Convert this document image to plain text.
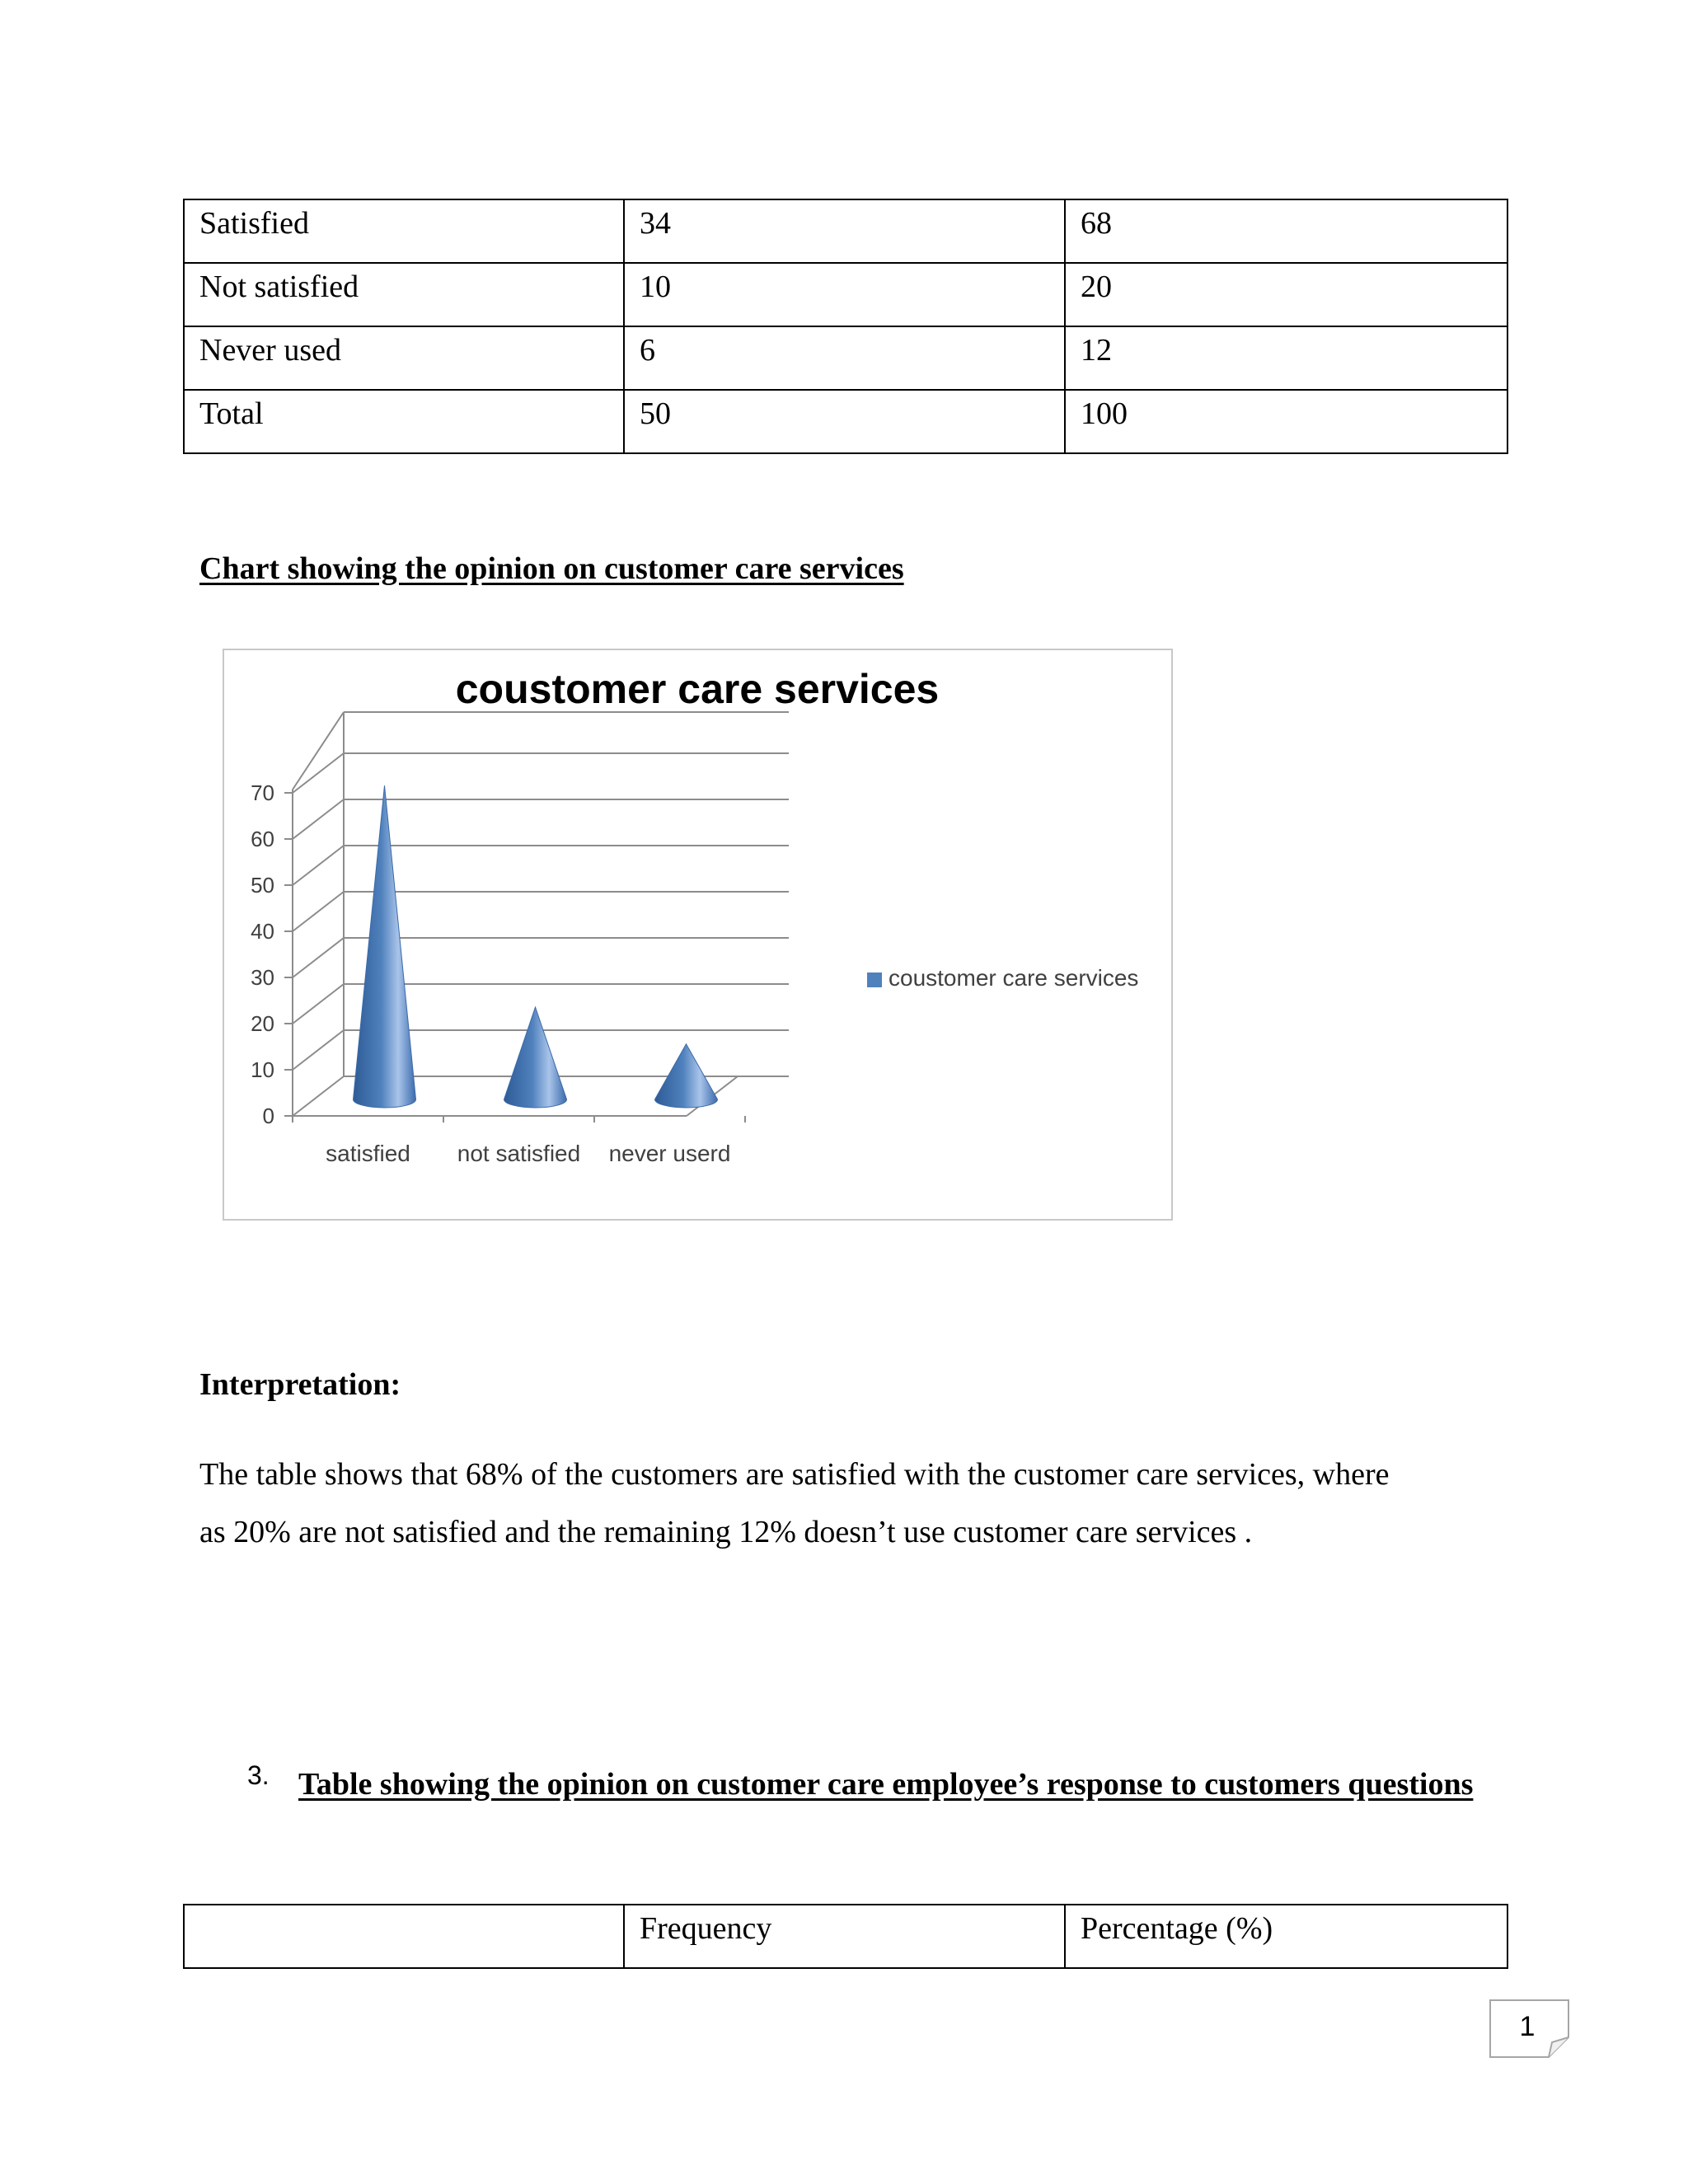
Satisfied	34	68
Not satisfied	10	20
Never used	6	12
Total	50	100
Chart showing the opinion on customer care services
0
10
20
30
40
50
60
70
satisfied not satisfied never userd
coustomer care services
coustomer care services
Interpretation:
The table shows that 68% of the customers are satisfied with the customer care services, where
as 20% are not satisfied and the remaining 12% doesn’t use customer care services .
3. Table showing the opinion on customer care employee’s response to customers questions
	Frequency	Percentage (%)
1
